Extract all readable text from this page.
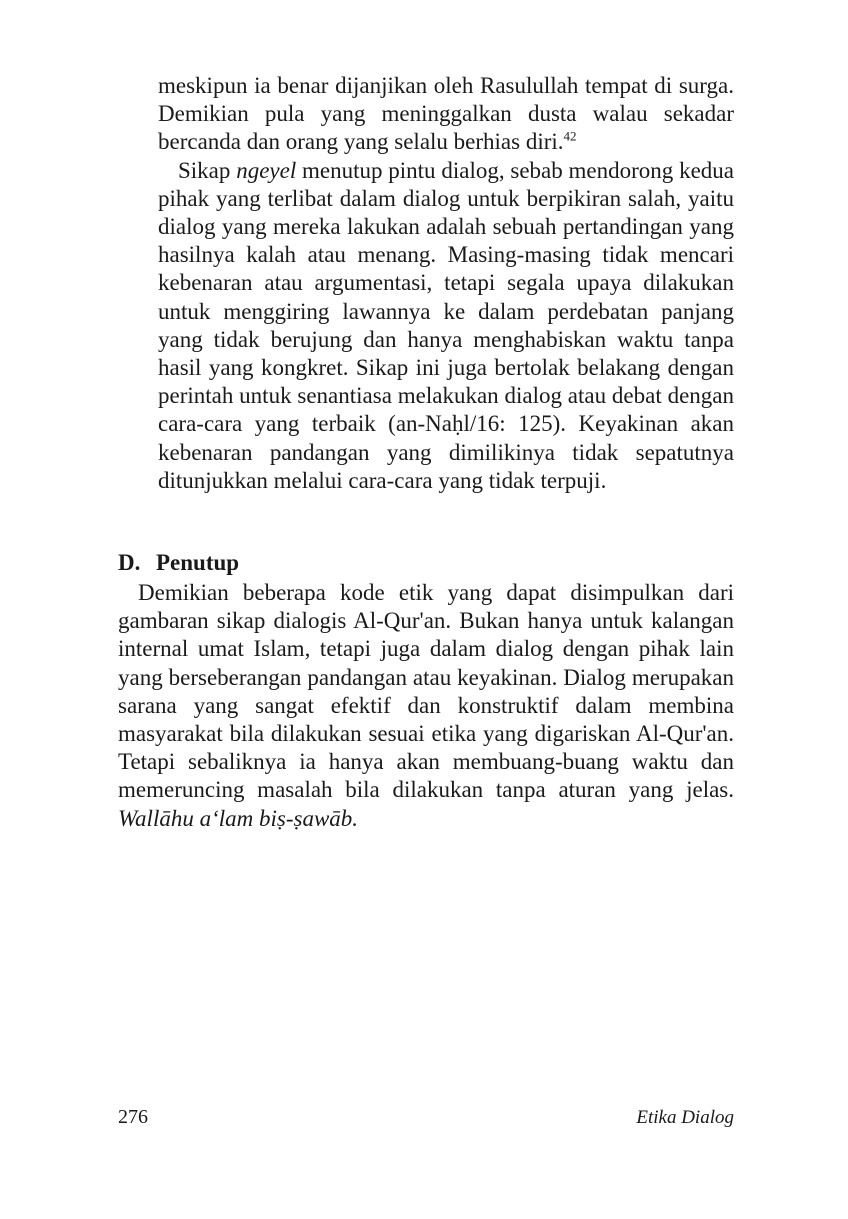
meskipun ia benar dijanjikan oleh Rasulullah tempat di surga. Demikian pula yang meninggalkan dusta walau sekadar bercanda dan orang yang selalu berhias diri.$^{42}$

Sikap ngeyel menutup pintu dialog, sebab mendorong kedua pihak yang terlibat dalam dialog untuk berpikiran salah, yaitu dialog yang mereka lakukan adalah sebuah pertandingan yang hasilnya kalah atau menang. Masing-masing tidak mencari kebenaran atau argumentasi, tetapi segala upaya dilakukan untuk menggiring lawannya ke dalam perdebatan panjang yang tidak berujung dan hanya menghabiskan waktu tanpa hasil yang kongkret. Sikap ini juga bertolak belakang dengan perintah untuk senantiasa melakukan dialog atau debat dengan cara-cara yang terbaik (an-Naḥl/16: 125). Keyakinan akan kebenaran pandangan yang dimilikinya tidak sepatutnya ditunjukkan melalui cara-cara yang tidak terpuji.

D. Penutup

Demikian beberapa kode etik yang dapat disimpulkan dari gambaran sikap dialogis Al-Qur'an. Bukan hanya untuk kalangan internal umat Islam, tetapi juga dalam dialog dengan pihak lain yang berseberangan pandangan atau keyakinan. Dialog merupakan sarana yang sangat efektif dan konstruktif dalam membina masyarakat bila dilakukan sesuai etika yang digariskan Al-Qur'an. Tetapi sebaliknya ia hanya akan membuang-buang waktu dan memeruncing masalah bila dilakukan tanpa aturan yang jelas. Wallāhu a‘lam biṣ-ṣawāb.

276	Etika Dialog
